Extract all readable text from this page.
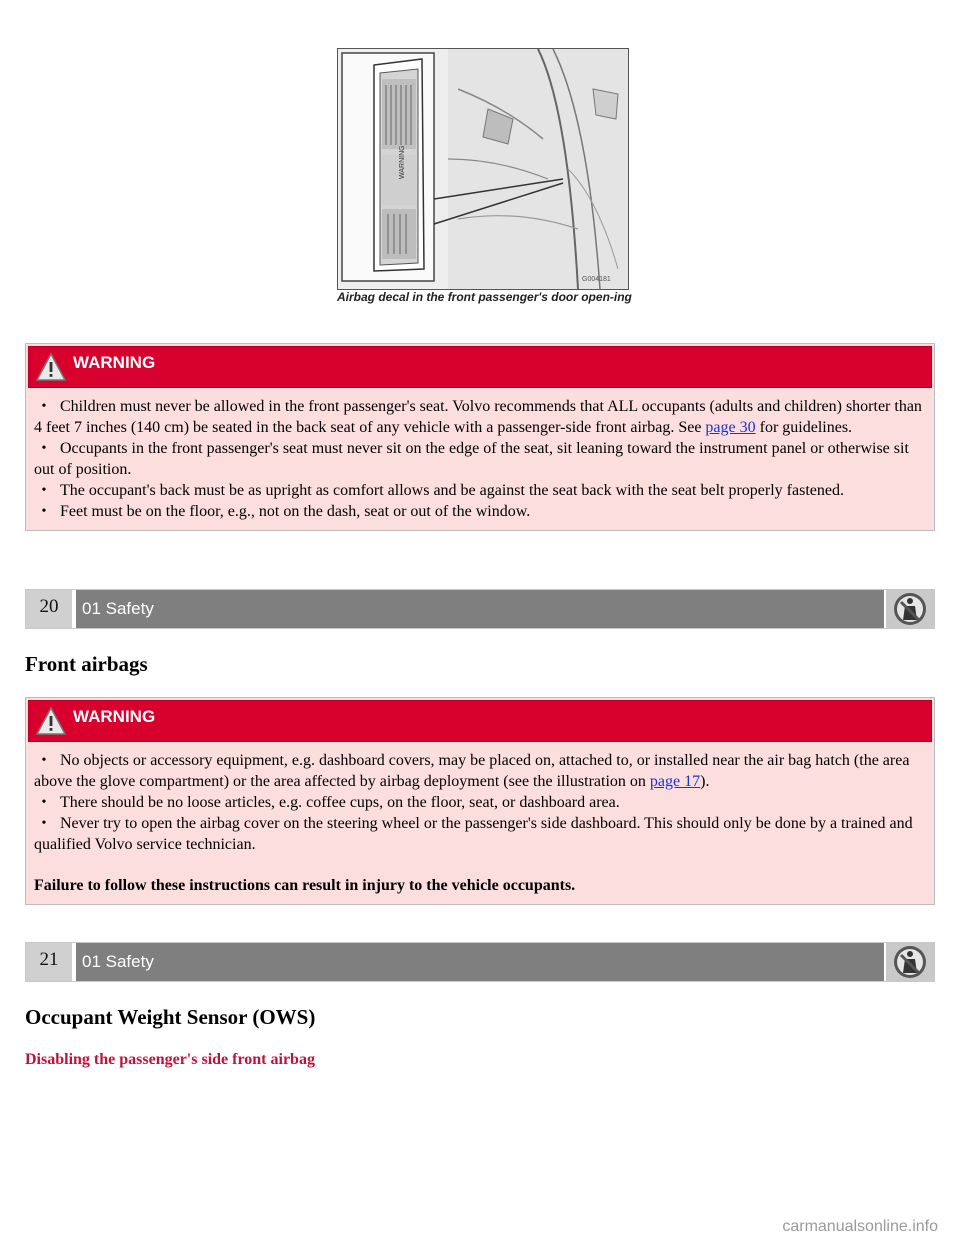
WARNING
G004181
Airbag decal in the front passenger's door open-ing
WARNING
• Children must never be allowed in the front passenger's seat. Volvo recommends that ALL occupants (adults and children) shorter than 4 feet 7 inches (140 cm) be seated in the back seat of any vehicle with a passenger-side front airbag. See page 30 for guidelines.
• Occupants in the front passenger's seat must never sit on the edge of the seat, sit leaning toward the instrument panel or otherwise sit out of position.
• The occupant's back must be as upright as comfort allows and be against the seat back with the seat belt properly fastened.
• Feet must be on the floor, e.g., not on the dash, seat or out of the window.
20	01 Safety
Front airbags
WARNING
• No objects or accessory equipment, e.g. dashboard covers, may be placed on, attached to, or installed near the air bag hatch (the area above the glove compartment) or the area affected by airbag deployment (see the illustration on page 17).
• There should be no loose articles, e.g. coffee cups, on the floor, seat, or dashboard area.
• Never try to open the airbag cover on the steering wheel or the passenger's side dashboard. This should only be done by a trained and qualified Volvo service technician.
Failure to follow these instructions can result in injury to the vehicle occupants.
21	01 Safety
Occupant Weight Sensor (OWS)
Disabling the passenger's side front airbag
carmanualsonline.info
